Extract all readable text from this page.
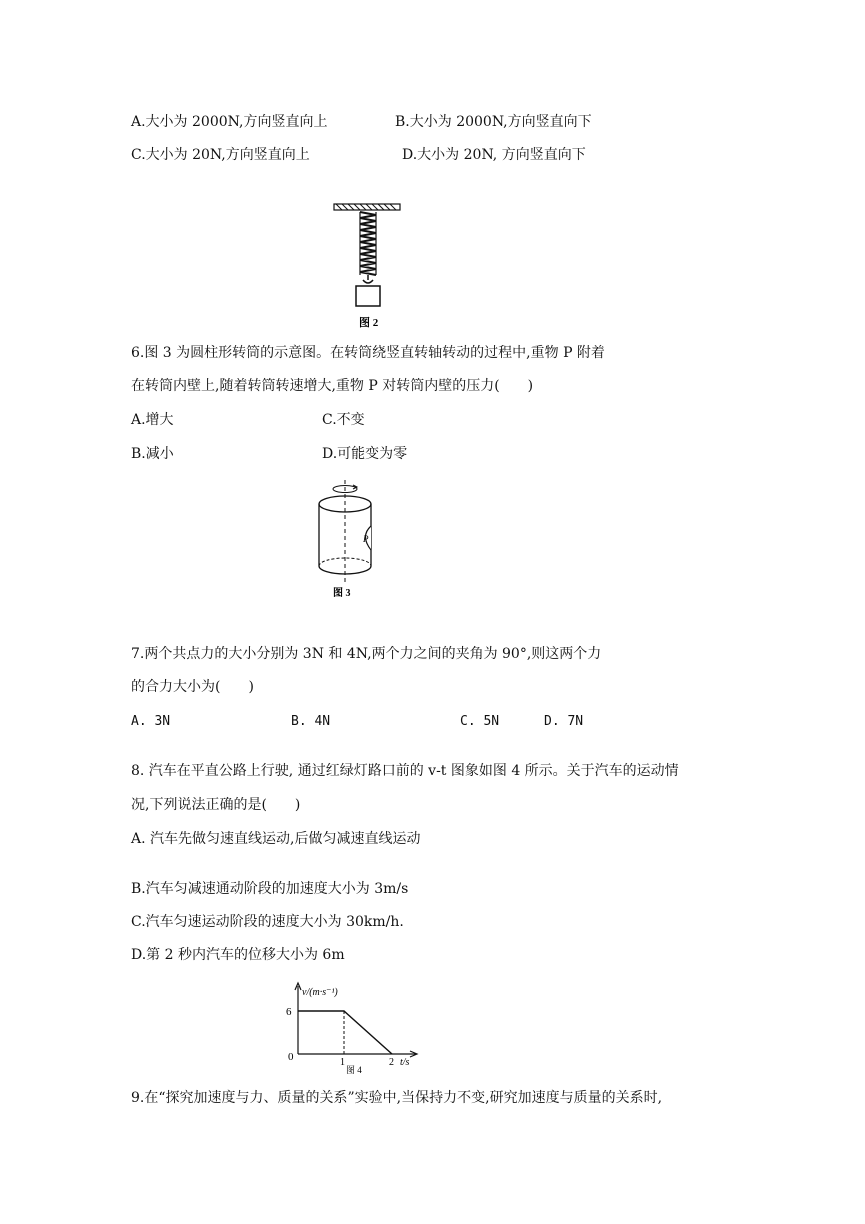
A.大小为 2000N,方向竖直向上	B.大小为 2000N,方向竖直向下
C.大小为 20N,方向竖直向上	D.大小为 20N, 方向竖直向下
图 2
6.图 3 为圆柱形转筒的示意图。在转筒绕竖直转轴转动的过程中,重物 P 附着
在转筒内壁上,随着转筒转速增大,重物 P 对转筒内壁的压力(　　)
A.增大	C.不变
B.减小	D.可能变为零
P
图 3
7.两个共点力的大小分别为 3N 和 4N,两个力之间的夹角为 90°,则这两个力
的合力大小为(　　)
A. 3N	B. 4N	C. 5N	D. 7N
8. 汽车在平直公路上行驶, 通过红绿灯路口前的 v-t 图象如图 4 所示。关于汽车的运动情
况,下列说法正确的是(　　)
A. 汽车先做匀速直线运动,后做匀减速直线运动
B.汽车匀减速通动阶段的加速度大小为 3m/s
C.汽车匀速运动阶段的速度大小为 30km/h.
D.第 2 秒内汽车的位移大小为 6m
v/(m·s⁻¹)
6
0	1	2 t/s
图 4
9.在“探究加速度与力、质量的关系”实验中,当保持力不变,研究加速度与质量的关系时,
